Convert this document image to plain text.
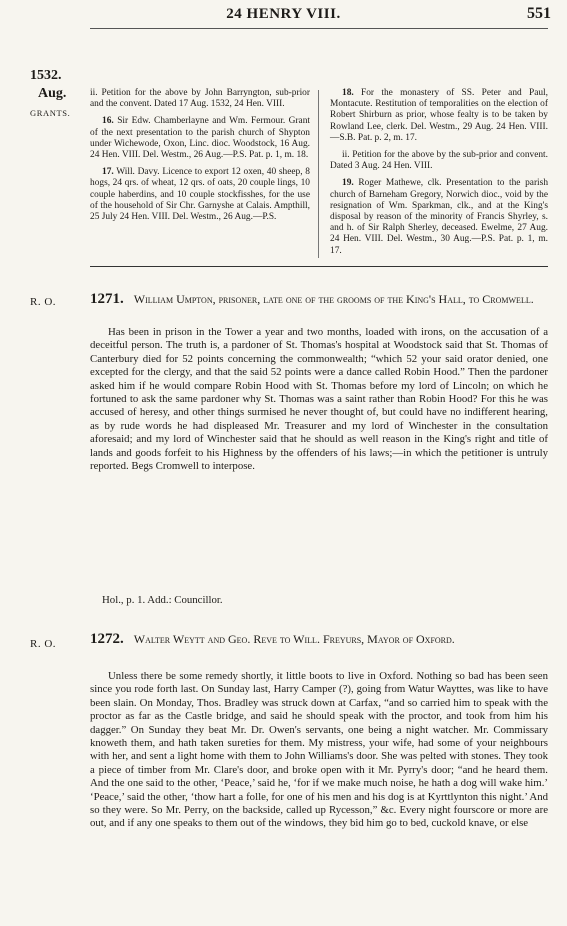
24 HENRY VIII.	551
1532.
Aug.
GRANTS.

ii. Petition for the above by John Barryngton, sub-prior and the convent. Dated 17 Aug. 1532, 24 Hen. VIII.

16. Sir Edw. Chamberlayne and Wm. Fermour. Grant of the next presentation to the parish church of Shypton under Wichewode, Oxon, Linc. dioc. Woodstock, 16 Aug. 24 Hen. VIII. Del. Westm., 26 Aug.—P.S. Pat. p. 1, m. 18.

17. Will. Davy. Licence to export 12 oxen, 40 sheep, 8 hogs, 24 qrs. of wheat, 12 qrs. of oats, 20 couple lings, 10 couple haberdins, and 10 couple stockfisshes, for the use of the household of Sir Chr. Garnyshe at Calais. Ampthill, 25 July 24 Hen. VIII. Del. Westm., 26 Aug.—P.S.

18. For the monastery of SS. Peter and Paul, Montacute. Restitution of temporalities on the election of Robert Shirburn as prior, whose fealty is to be taken by Rowland Lee, clerk. Del. Westm., 29 Aug. 24 Hen. VIII.—S.B. Pat. p. 2, m. 17.

ii. Petition for the above by the sub-prior and convent. Dated 3 Aug. 24 Hen. VIII.

19. Roger Mathewe, clk. Presentation to the parish church of Barneham Gregory, Norwich dioc., void by the resignation of Wm. Sparkman, clk., and at the King's disposal by reason of the minority of Francis Shyrley, s. and h. of Sir Ralph Sherley, deceased. Ewelme, 27 Aug. 24 Hen. VIII. Del. Westm., 30 Aug.—P.S. Pat. p. 1, m. 17.

R. O.	1271. William Umpton, prisoner, late one of the grooms of the King's Hall, to Cromwell.

Has been in prison in the Tower a year and two months, loaded with irons, on the accusation of a deceitful person. The truth is, a pardoner of St. Thomas's hospital at Woodstock said that St. Thomas of Canterbury died for 52 points concerning the commonwealth; “which 52 your said orator denied, one excepted for the clergy, and that the said 52 points were a dance called Robin Hood.” Then the pardoner asked him if he would compare Robin Hood with St. Thomas before my lord of Lincoln; on which he fortuned to ask the same pardoner why St. Thomas was a saint rather than Robin Hood? For this he was accused of heresy, and other things surmised he never thought of, but could have no indifferent hearing, as by rude words he had displeased Mr. Treasurer and my lord of Winchester in the consultation aforesaid; and my lord of Winchester said that he should as well reason in the King's right and title of lands and goods forfeit to his Highness by the offenders of his laws;—in which the petitioner is untruly reported. Begs Cromwell to interpose.

Hol., p. 1. Add.: Councillor.
R. O.	1272. Walter Weytt and Geo. Reve to Will. Freyurs, Mayor of Oxford.

Unless there be some remedy shortly, it little boots to live in Oxford. Nothing so bad has been seen since you rode forth last. On Sunday last, Harry Camper (?), going from Watur Wayttes, was like to have been slain. On Monday, Thos. Bradley was struck down at Carfax, “and so carried him to speak with the proctor as far as the Castle bridge, and said he should speak with the proctor, and took from him his dagger.” On Sunday they beat Mr. Dr. Owen's servants, one being a night watcher. Mr. Commissary knoweth them, and hath taken sureties for them. My mistress, your wife, had some of your neighbours with her, and sent a light home with them to John Williams's door. She was pelted with stones. They took a piece of timber from Mr. Clare's door, and broke open with it Mr. Pyrry's door; “and he heard them. And the one said to the other, ‘Peace,’ said he, ‘for if we make much noise, he hath a dog will wake him.’ ‘Peace,’ said the other, ‘thow hart a folle, for one of his men and his dog is at Kyrttlynton this night.’ And so they were. So Mr. Perry, on the backside, called up Rycesson,” &c. Every night fourscore or more are out, and if any one speaks to them out of the windows, they bid him go to bed, cuckold knave, or else
